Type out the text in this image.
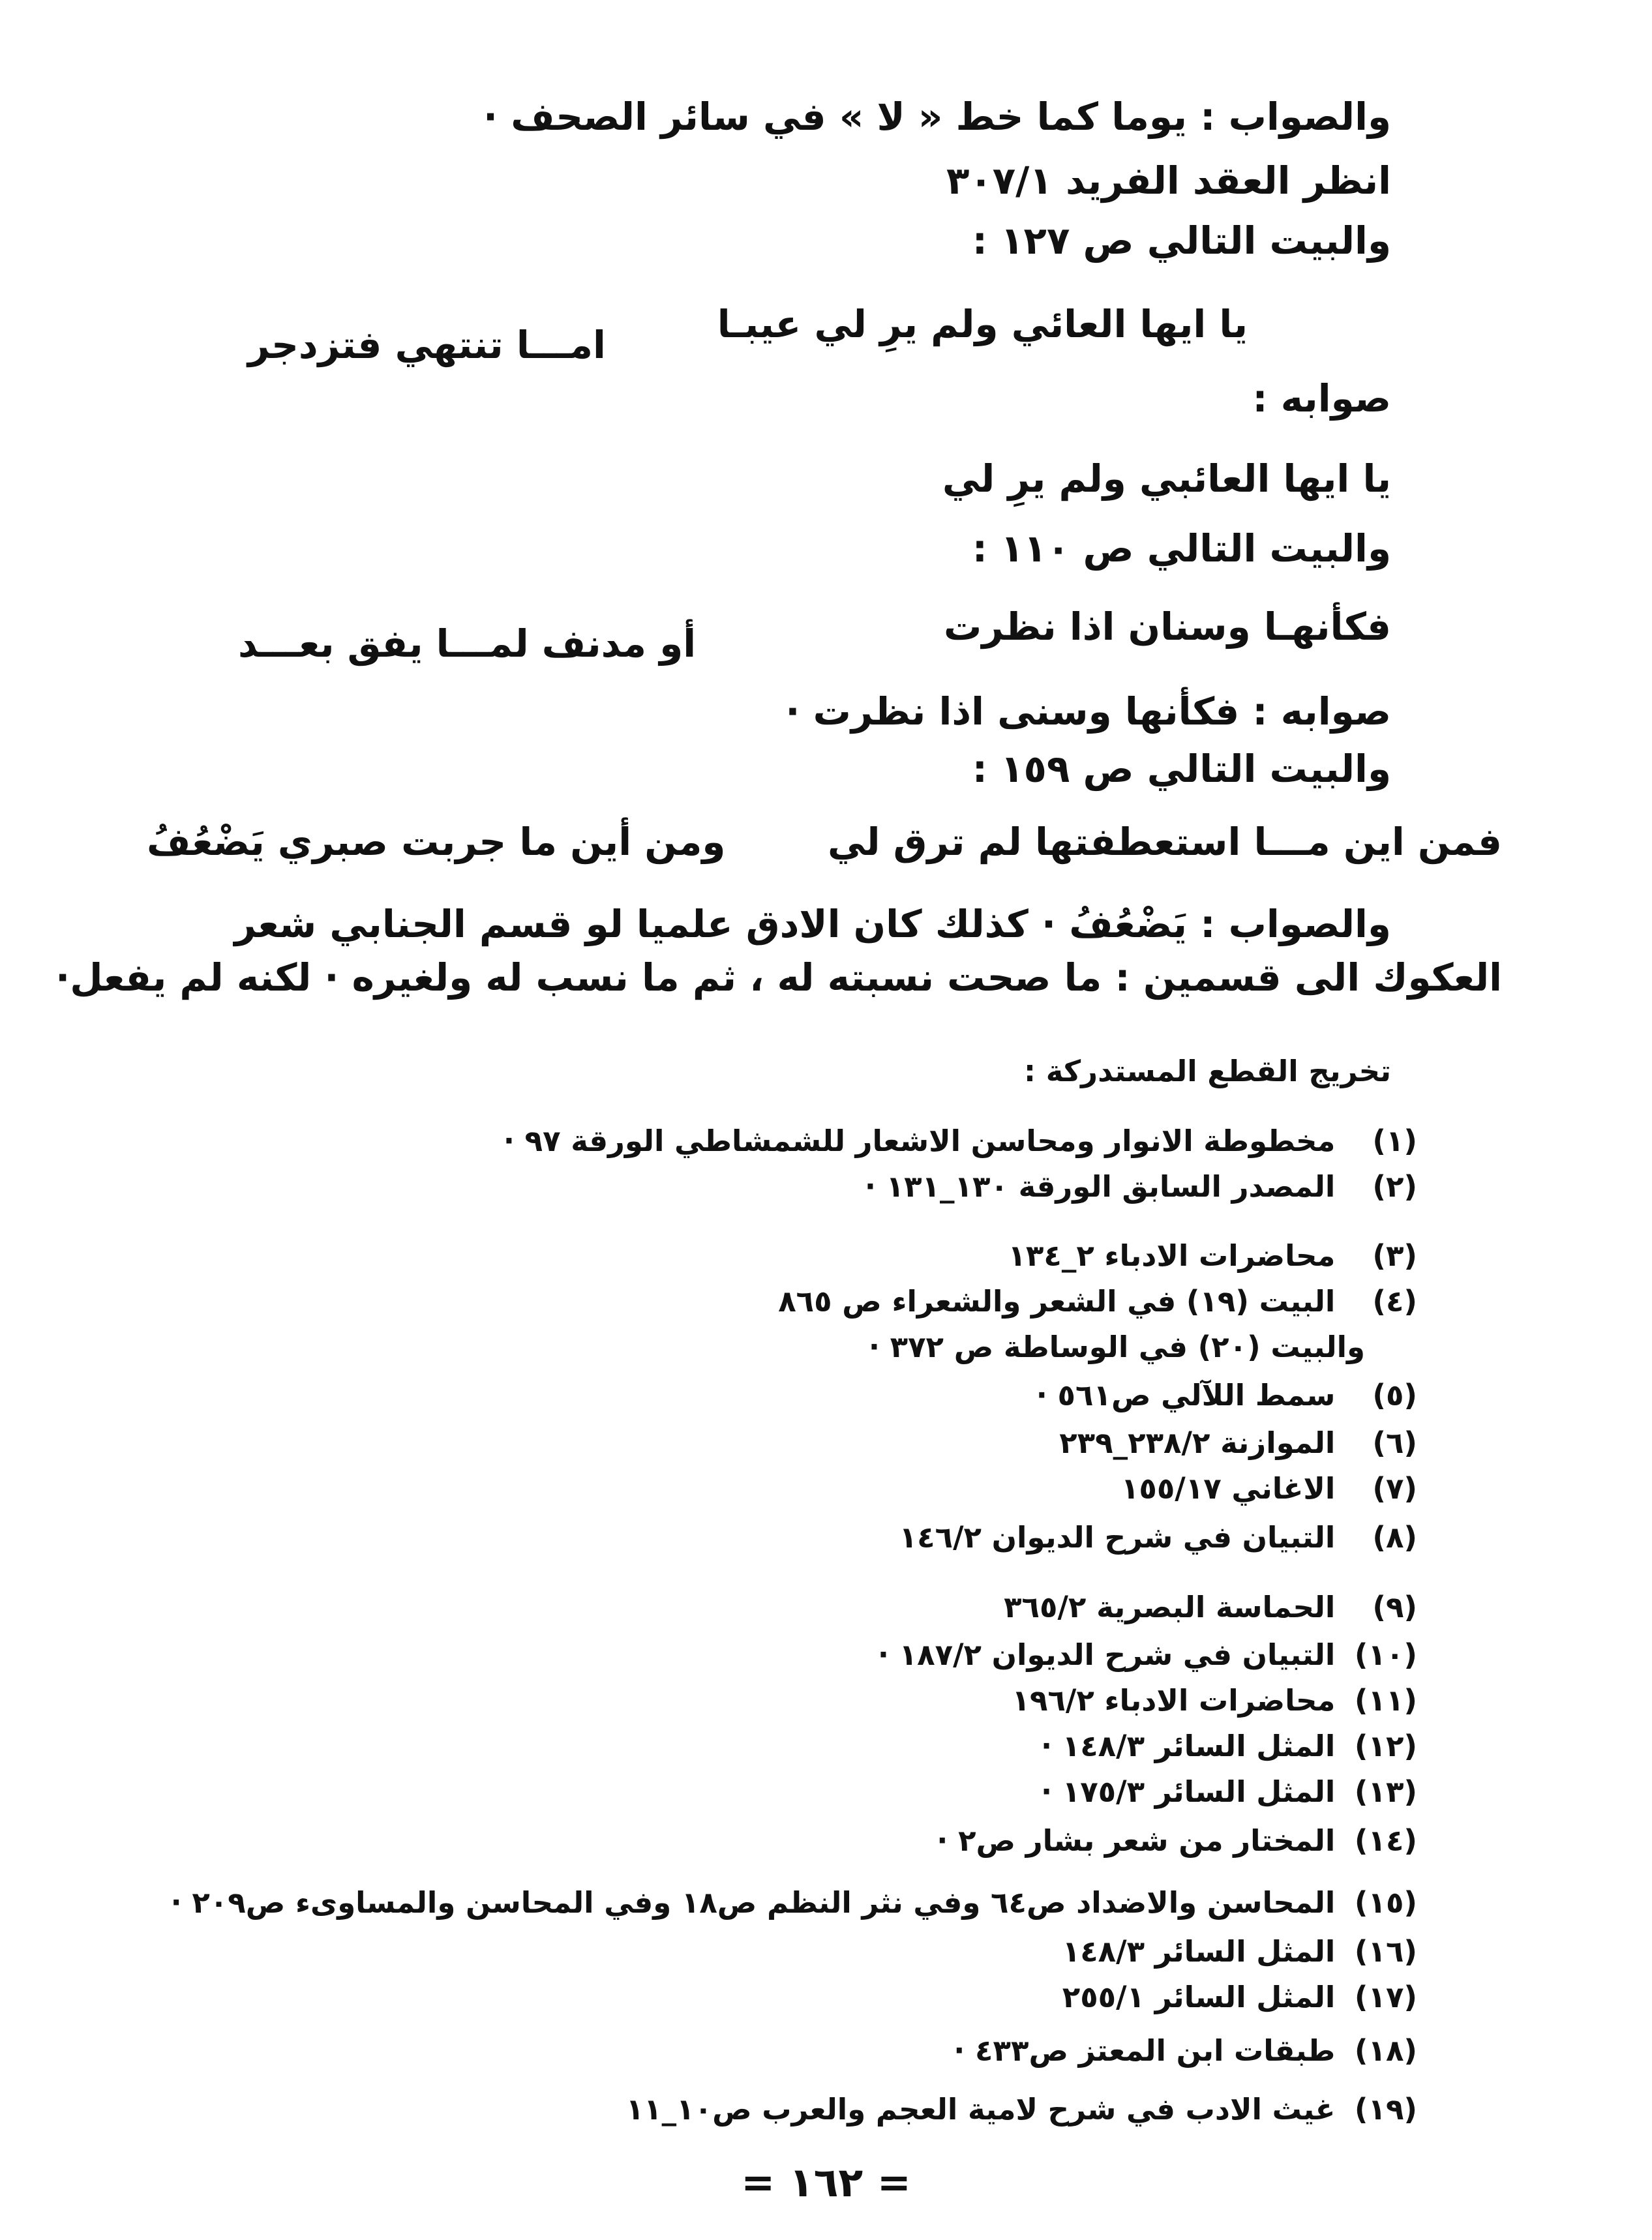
والصواب : يوما كما خط « لا » في سائر الصحف ·
انظر العقد الفريد ٣٠٧/١
والبيت التالي ص ١٢٧ :
يا ايها العائي ولم يرِ لي عيبـا
امـــا تنتهي فتزدجر
صوابه :
يا ايها العائبي ولم يرِ لي
والبيت التالي ص ١١٠ :
فكأنهـا وسنان اذا نظرت
أو مدنف لمـــا يفق بعـــد
صوابه : فكأنها وسنى اذا نظرت ·
والبيت التالي ص ١٥٩ :
فمن اين مـــا استعطفتها لم ترق لي
ومن أين ما جربت صبري يَضْعُفُ
والصواب : يَضْعُفُ · كذلك كان الادق علميا لو قسم الجنابي شعر
العكوك الى قسمين : ما صحت نسبته له ، ثم ما نسب له ولغيره · لكنه لم يفعل·
تخريج القطع المستدركة :
(١) مخطوطة الانوار ومحاسن الاشعار للشمشاطي الورقة ٩٧ ·
(٢) المصدر السابق الورقة ١٣٠_١٣١ ·
(٣) محاضرات الادباء ٢_١٣٤
(٤) البيت (١٩) في الشعر والشعراء ص ٨٦٥
والبيت (٢٠) في الوساطة ص ٣٧٢ ·
(٥) سمط اللآلي ص٥٦١ ·
(٦) الموازنة ٢٣٨/٢_٢٣٩
(٧) الاغاني ١٥٥/١٧
(٨) التبيان في شرح الديوان ١٤٦/٢
(٩) الحماسة البصرية ٣٦٥/٢
(١٠) التبيان في شرح الديوان ١٨٧/٢ ·
(١١) محاضرات الادباء ١٩٦/٢
(١٢) المثل السائر ١٤٨/٣ ·
(١٣) المثل السائر ١٧٥/٣ ·
(١٤) المختار من شعر بشار ص٢ ·
(١٥) المحاسن والاضداد ص٦٤ وفي نثر النظم ص١٨ وفي المحاسن والمساوىء ص٢٠٩ ·
(١٦) المثل السائر ١٤٨/٣
(١٧) المثل السائر ٢٥٥/١
(١٨) طبقات ابن المعتز ص٤٣٣ ·
(١٩) غيث الادب في شرح لامية العجم والعرب ص١٠_١١
= ١٦٢ =
